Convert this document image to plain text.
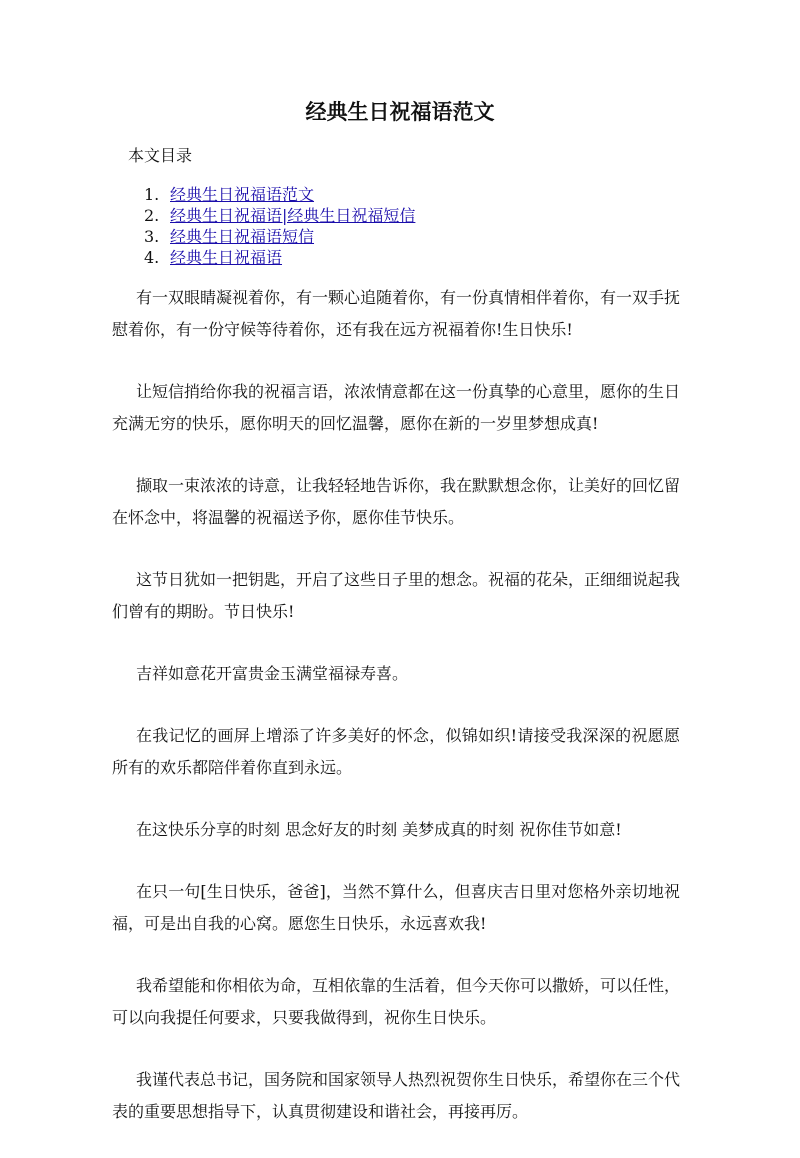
经典生日祝福语范文

本文目录

1. 经典生日祝福语范文
2. 经典生日祝福语|经典生日祝福短信
3. 经典生日祝福语短信
4. 经典生日祝福语

有一双眼睛凝视着你，有一颗心追随着你，有一份真情相伴着你，有一双手抚慰着你，有一份守候等待着你，还有我在远方祝福着你!生日快乐!

让短信捎给你我的祝福言语，浓浓情意都在这一份真挚的心意里，愿你的生日充满无穷的快乐，愿你明天的回忆温馨，愿你在新的一岁里梦想成真!

撷取一束浓浓的诗意，让我轻轻地告诉你，我在默默想念你，让美好的回忆留在怀念中，将温馨的祝福送予你，愿你佳节快乐。

这节日犹如一把钥匙，开启了这些日子里的想念。祝福的花朵，正细细说起我们曾有的期盼。节日快乐!

吉祥如意花开富贵金玉满堂福禄寿喜。

在我记忆的画屏上增添了许多美好的怀念，似锦如织!请接受我深深的祝愿愿所有的欢乐都陪伴着你直到永远。

在这快乐分享的时刻 思念好友的时刻 美梦成真的时刻 祝你佳节如意!

在只一句[生日快乐，爸爸]，当然不算什么，但喜庆吉日里对您格外亲切地祝福，可是出自我的心窝。愿您生日快乐，永远喜欢我!

我希望能和你相依为命，互相依靠的生活着，但今天你可以撒娇，可以任性，可以向我提任何要求，只要我做得到，祝你生日快乐。

我谨代表总书记，国务院和国家领导人热烈祝贺你生日快乐，希望你在三个代表的重要思想指导下，认真贯彻建设和谐社会，再接再厉。
